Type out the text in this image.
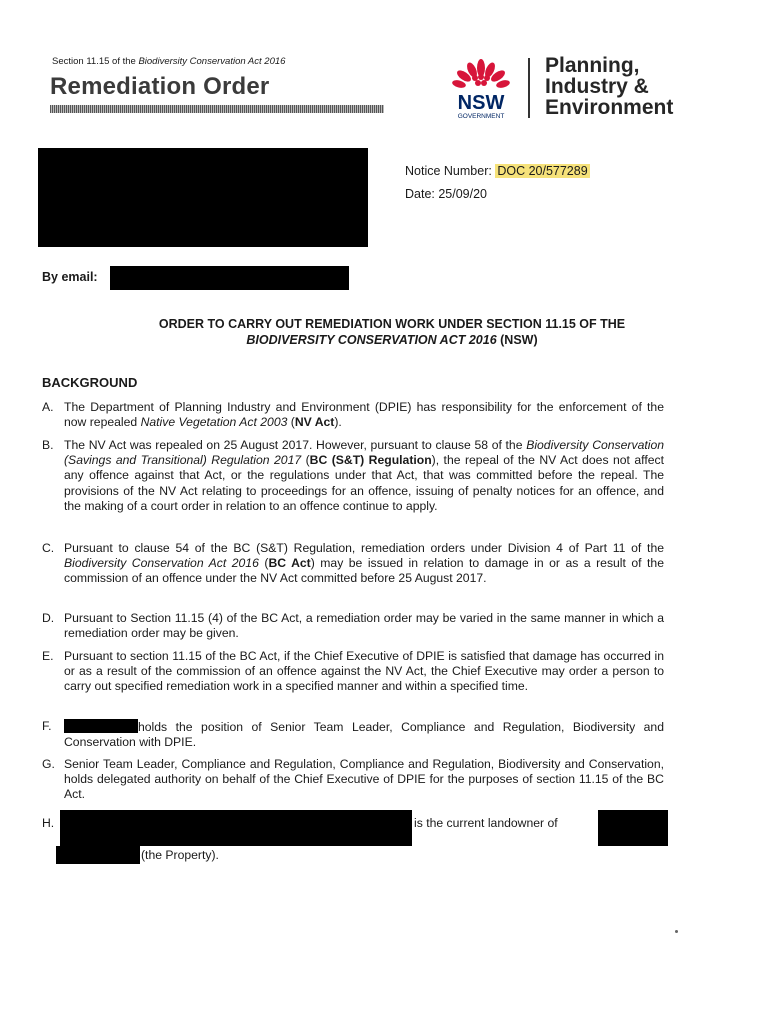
Section 11.15 of the Biodiversity Conservation Act 2016
Remediation Order
NSW
GOVERNMENT
Planning,
Industry &
Environment
Notice Number: DOC 20/577289
Date: 25/09/20
By email:
ORDER TO CARRY OUT REMEDIATION WORK UNDER SECTION 11.15 OF THE
BIODIVERSITY CONSERVATION ACT 2016 (NSW)
BACKGROUND
A. The Department of Planning Industry and Environment (DPIE) has responsibility for the enforcement of the now repealed Native Vegetation Act 2003 (NV Act).
B. The NV Act was repealed on 25 August 2017. However, pursuant to clause 58 of the Biodiversity Conservation (Savings and Transitional) Regulation 2017 (BC (S&T) Regulation), the repeal of the NV Act does not affect any offence against that Act, or the regulations under that Act, that was committed before the repeal. The provisions of the NV Act relating to proceedings for an offence, issuing of penalty notices for an offence, and the making of a court order in relation to an offence continue to apply.
C. Pursuant to clause 54 of the BC (S&T) Regulation, remediation orders under Division 4 of Part 11 of the Biodiversity Conservation Act 2016 (BC Act) may be issued in relation to damage in or as a result of the commission of an offence under the NV Act committed before 25 August 2017.
D. Pursuant to Section 11.15 (4) of the BC Act, a remediation order may be varied in the same manner in which a remediation order may be given.
E. Pursuant to section 11.15 of the BC Act, if the Chief Executive of DPIE is satisfied that damage has occurred in or as a result of the commission of an offence against the NV Act, the Chief Executive may order a person to carry out specified remediation work in a specified manner and within a specified time.
F.	holds the position of Senior Team Leader, Compliance and Regulation, Biodiversity and Conservation with DPIE.
G. Senior Team Leader, Compliance and Regulation, Compliance and Regulation, Biodiversity and Conservation, holds delegated authority on behalf of the Chief Executive of DPIE for the purposes of section 11.15 of the BC Act.
H.	is the current landowner of
(the Property).
